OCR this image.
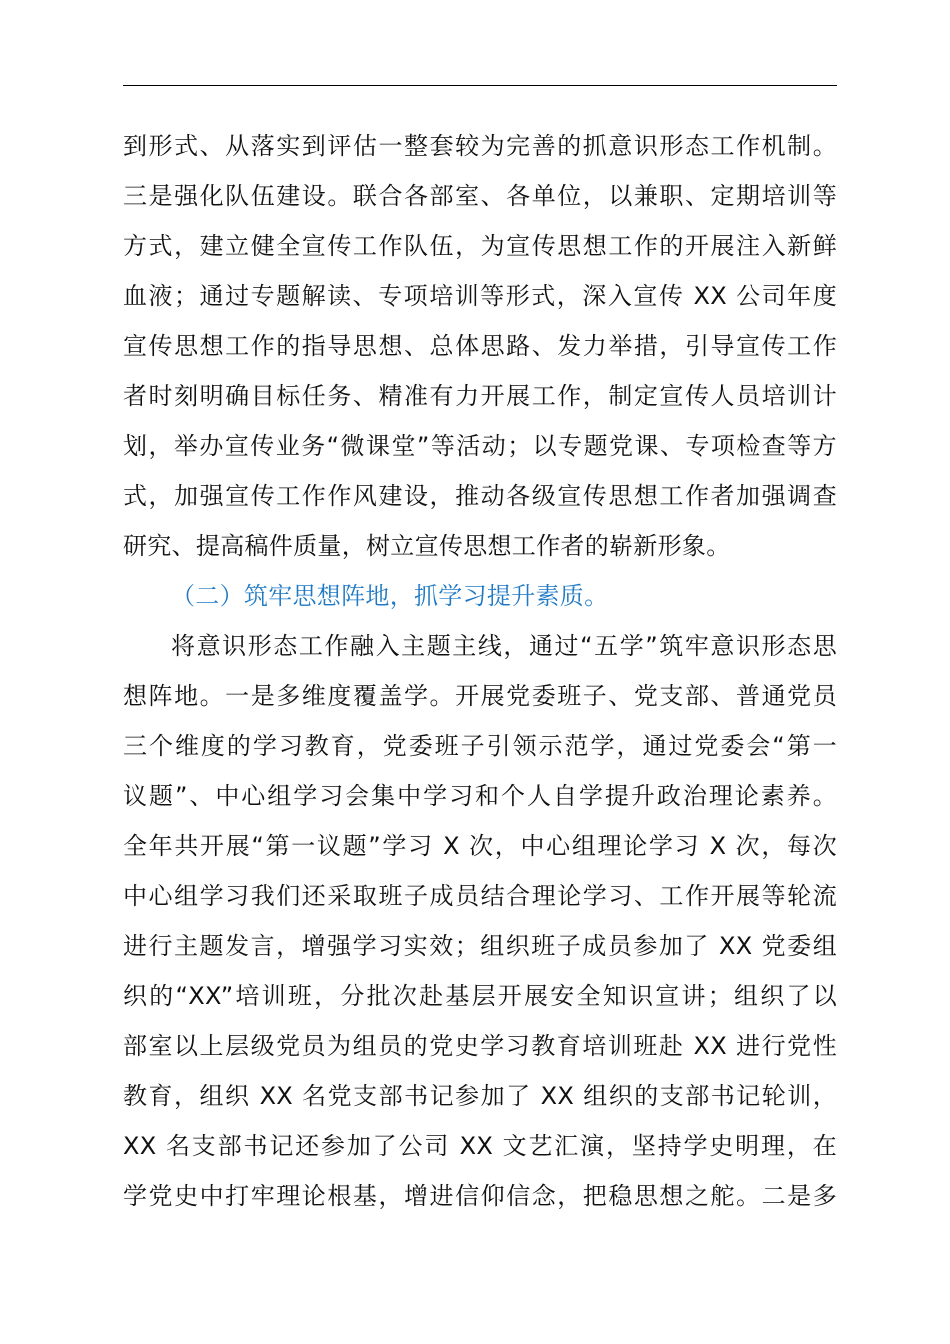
到形式、从落实到评估一整套较为完善的抓意识形态工作机制。
三是强化队伍建设。联合各部室、各单位，以兼职、定期培训等
方式，建立健全宣传工作队伍，为宣传思想工作的开展注入新鲜
血液；通过专题解读、专项培训等形式，深入宣传 XX 公司年度
宣传思想工作的指导思想、总体思路、发力举措，引导宣传工作
者时刻明确目标任务、精准有力开展工作，制定宣传人员培训计
划，举办宣传业务“微课堂”等活动；以专题党课、专项检查等方
式，加强宣传工作作风建设，推动各级宣传思想工作者加强调查
研究、提高稿件质量，树立宣传思想工作者的崭新形象。
（二）筑牢思想阵地，抓学习提升素质。
将意识形态工作融入主题主线，通过“五学”筑牢意识形态思
想阵地。一是多维度覆盖学。开展党委班子、党支部、普通党员
三个维度的学习教育，党委班子引领示范学，通过党委会“第一
议题”、中心组学习会集中学习和个人自学提升政治理论素养。
全年共开展“第一议题”学习 X 次，中心组理论学习 X 次，每次
中心组学习我们还采取班子成员结合理论学习、工作开展等轮流
进行主题发言，增强学习实效；组织班子成员参加了 XX 党委组
织的“XX”培训班，分批次赴基层开展安全知识宣讲；组织了以
部室以上层级党员为组员的党史学习教育培训班赴 XX 进行党性
教育，组织 XX 名党支部书记参加了 XX 组织的支部书记轮训，
XX 名支部书记还参加了公司 XX 文艺汇演，坚持学史明理，在
学党史中打牢理论根基，增进信仰信念，把稳思想之舵。二是多
